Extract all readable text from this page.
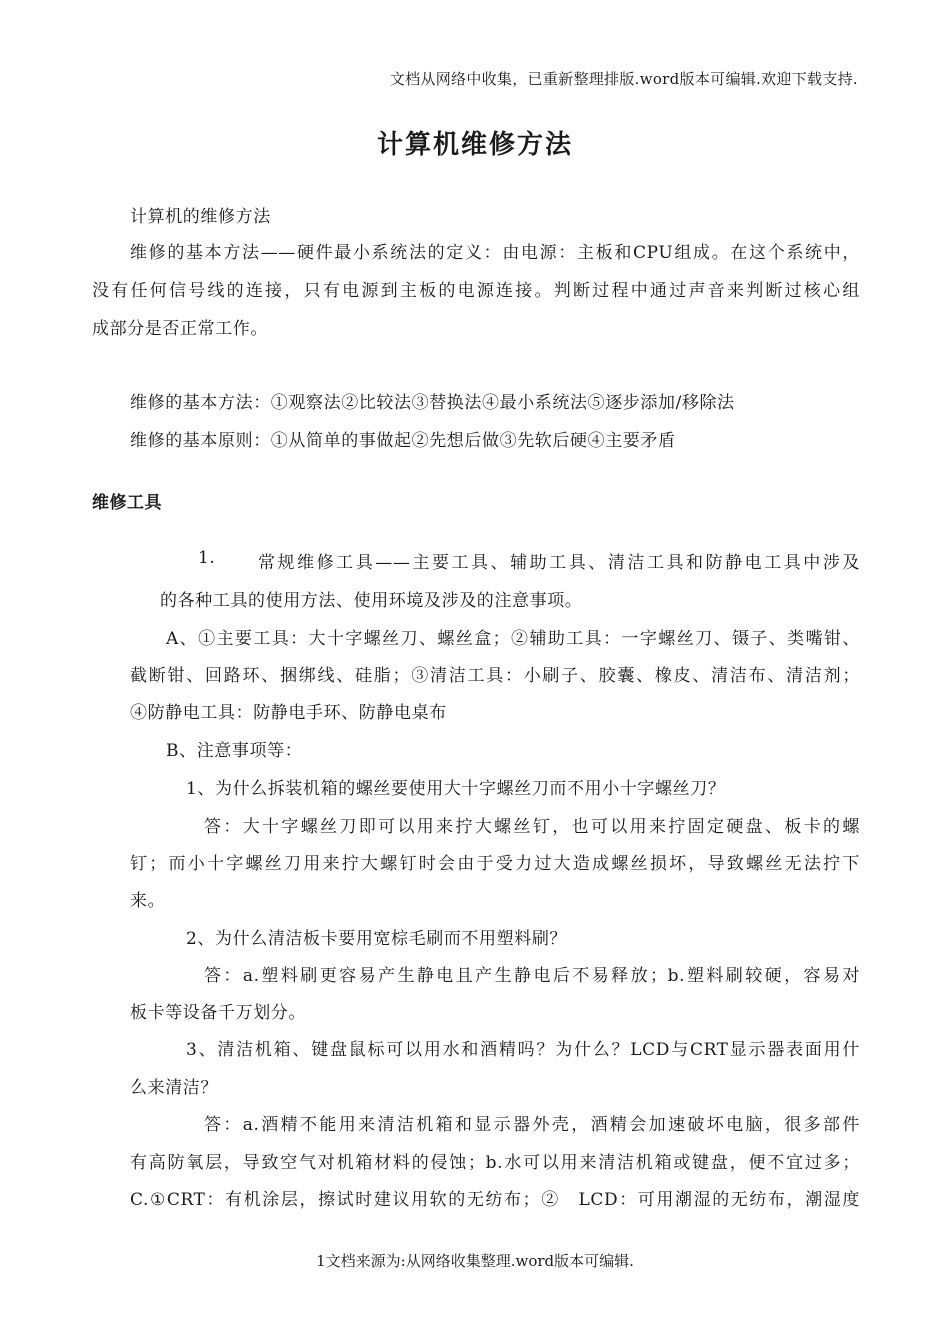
文档从网络中收集，已重新整理排版.word版本可编辑.欢迎下载支持.
计算机维修方法
计算机的维修方法
维修的基本方法——硬件最小系统法的定义：由电源：主板和CPU组成。在这个系统中，
没有任何信号线的连接，只有电源到主板的电源连接。判断过程中通过声音来判断过核心组
成部分是否正常工作。
维修的基本方法：①观察法②比较法③替换法④最小系统法⑤逐步添加/移除法
维修的基本原则：①从简单的事做起②先想后做③先软后硬④主要矛盾
维修工具
1.	常规维修工具——主要工具、辅助工具、清洁工具和防静电工具中涉及
的各种工具的使用方法、使用环境及涉及的注意事项。
A、①主要工具：大十字螺丝刀、螺丝盒；②辅助工具：一字螺丝刀、镊子、类嘴钳、
截断钳、回路环、捆绑线、硅脂；③清洁工具：小刷子、胶囊、橡皮、清洁布、清洁剂；
④防静电工具：防静电手环、防静电桌布
B、注意事项等：
1、为什么拆装机箱的螺丝要使用大十字螺丝刀而不用小十字螺丝刀？
答：大十字螺丝刀即可以用来拧大螺丝钉，也可以用来拧固定硬盘、板卡的螺
钉；而小十字螺丝刀用来拧大螺钉时会由于受力过大造成螺丝损坏，导致螺丝无法拧下
来。
2、为什么清洁板卡要用宽棕毛刷而不用塑料刷？
答：a.塑料刷更容易产生静电且产生静电后不易释放；b.塑料刷较硬，容易对
板卡等设备千万划分。
3、清洁机箱、键盘鼠标可以用水和酒精吗？为什么？LCD与CRT显示器表面用什
么来清洁？
答：a.酒精不能用来清洁机箱和显示器外壳，酒精会加速破坏电脑，很多部件
有高防氧层，导致空气对机箱材料的侵蚀；b.水可以用来清洁机箱或键盘，便不宜过多；
C.①CRT：有机涂层，擦试时建议用软的无纺布；②　LCD：可用潮湿的无纺布，潮湿度
1文档来源为:从网络收集整理.word版本可编辑.
